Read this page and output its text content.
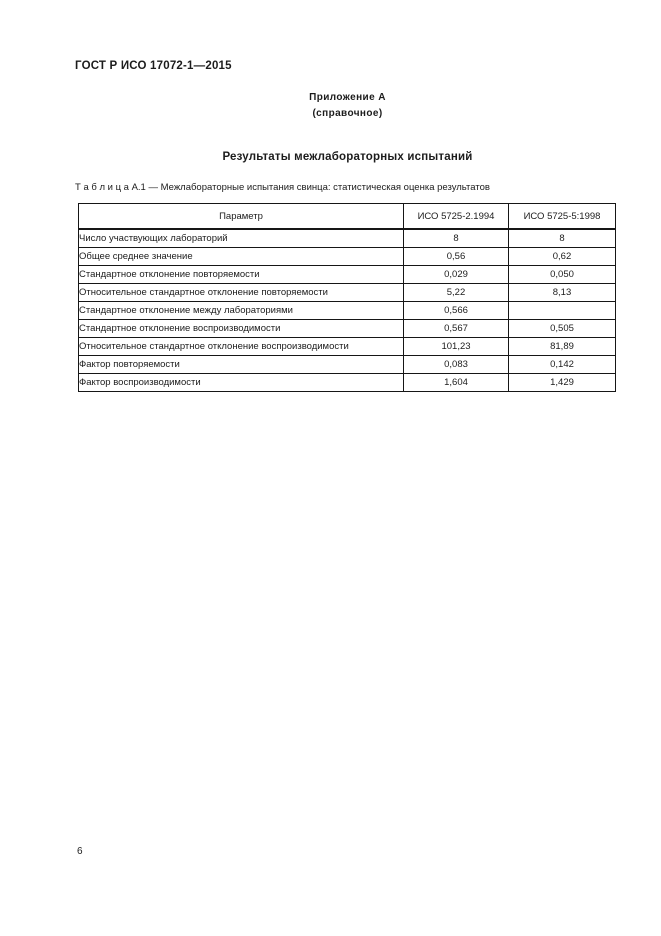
ГОСТ Р ИСО 17072-1—2015
Приложение А
(справочное)
Результаты межлабораторных испытаний

Т а б л и ц а А.1 — Межлабораторные испытания свинца: статистическая оценка результатов

Параметр	ИСО 5725-2.1994	ИСО 5725-5:1998
Число участвующих лабораторий	8	8
Общее среднее значение	0,56	0,62
Стандартное отклонение повторяемости	0,029	0,050
Относительное стандартное отклонение повторяемости	5,22	8,13
Стандартное отклонение между лабораториями	0,566	
Стандартное отклонение воспроизводимости	0,567	0,505
Относительное стандартное отклонение воспроизводимости	101,23	81,89
Фактор повторяемости	0,083	0,142
Фактор воспроизводимости	1,604	1,429
6
